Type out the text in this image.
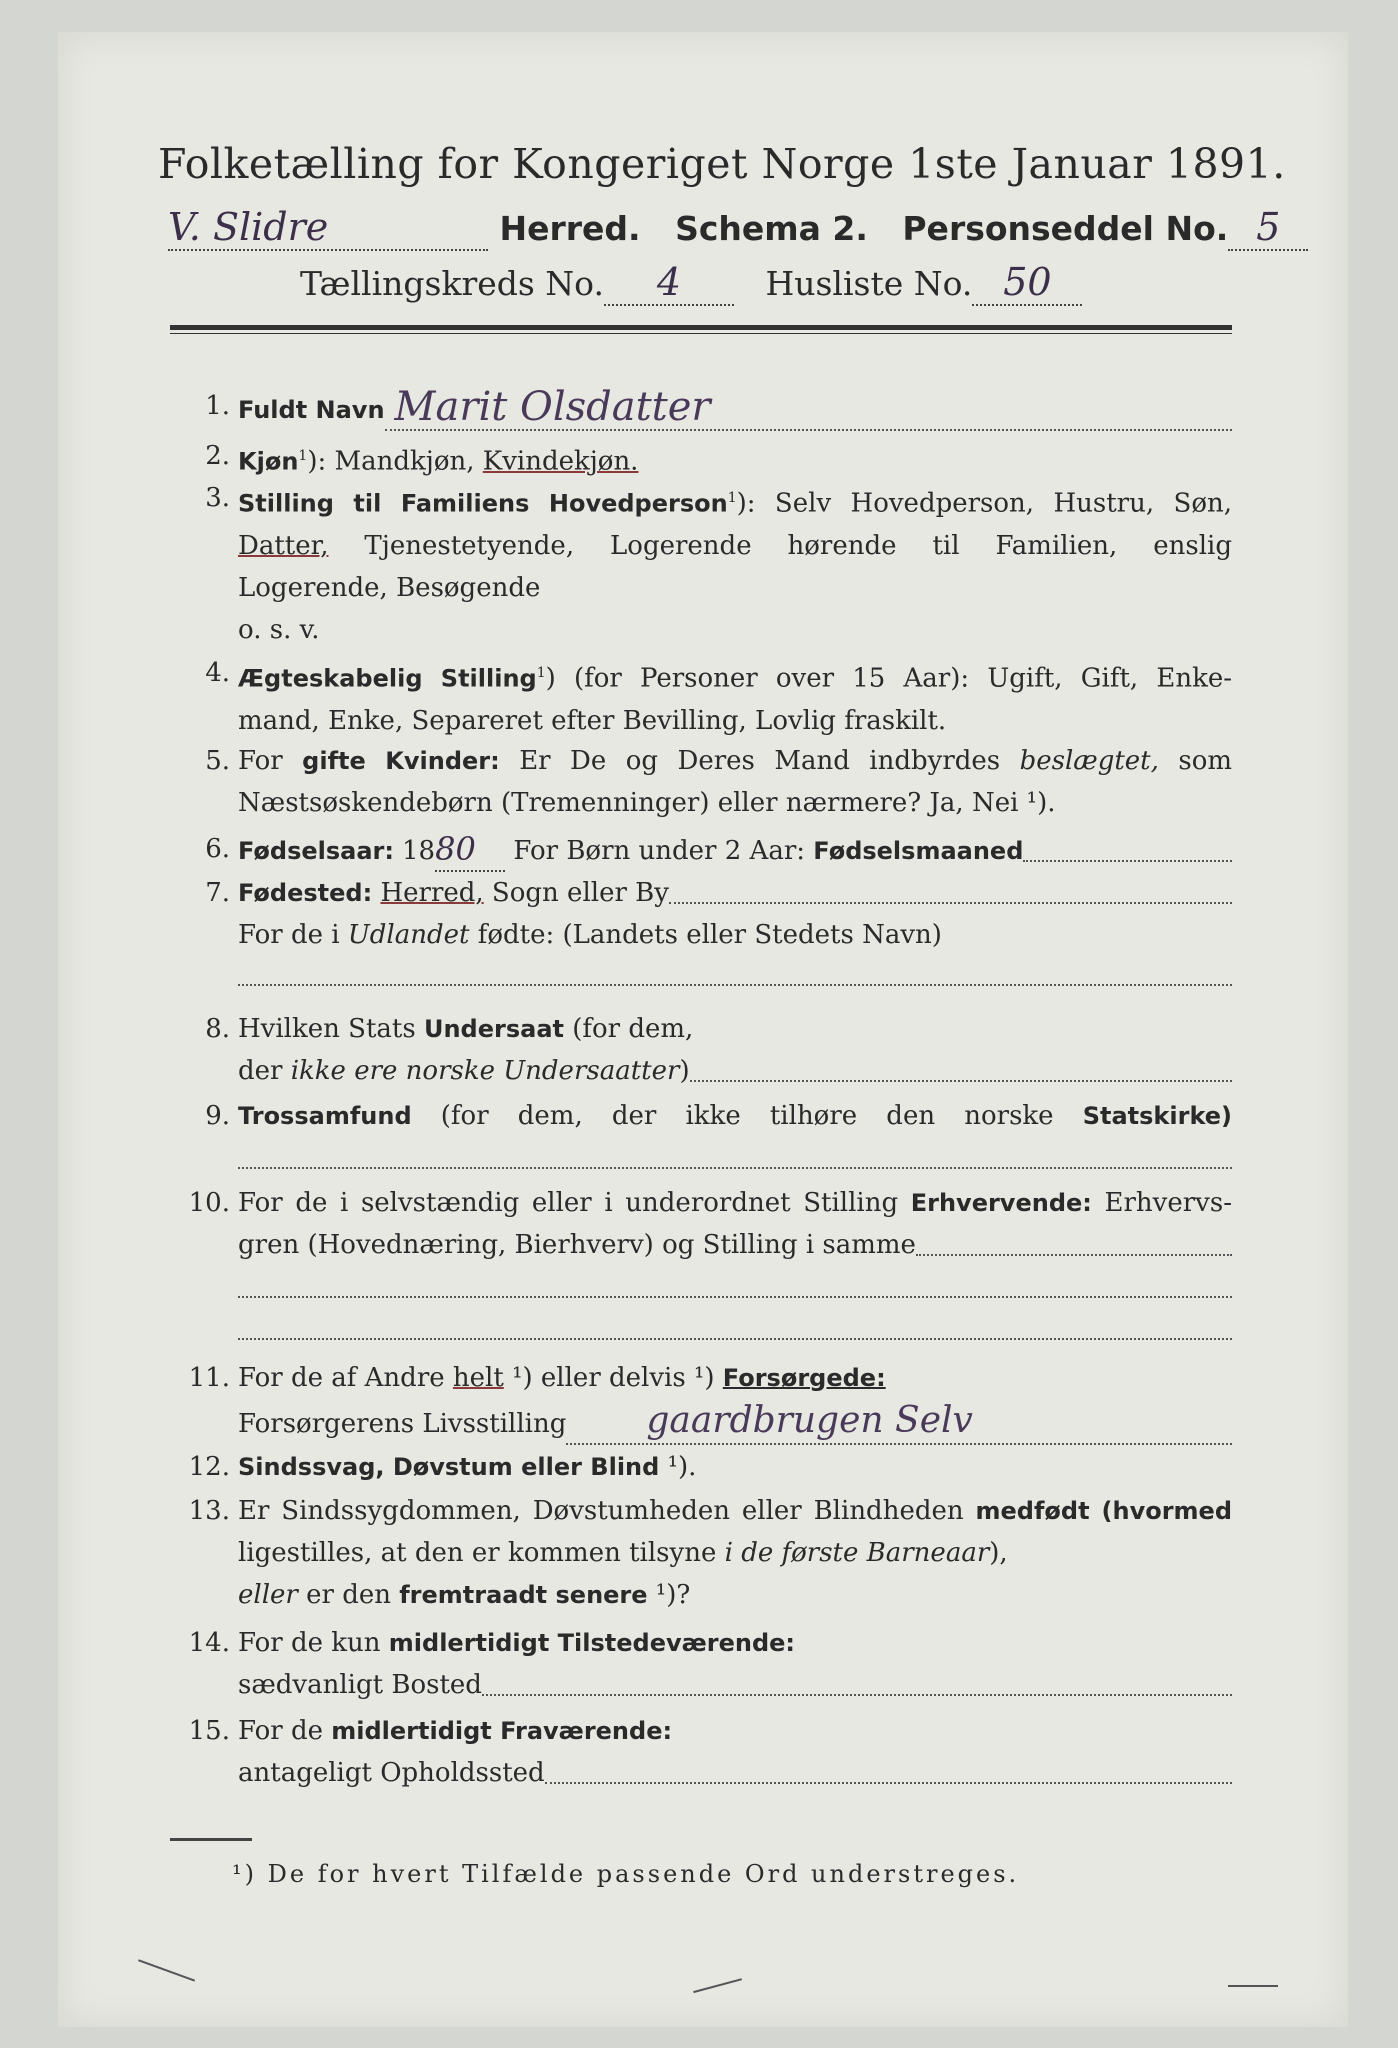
Folketælling for Kongeriget Norge 1ste Januar 1891.
V. Slidre	Herred. Schema 2. Personseddel No. 5
Tællingskreds No. 4	Husliste No. 50
1. Fuldt Navn Marit Olsdatter
2. Kjøn$^1$): Mandkjøn, Kvindekjøn.
3. Stilling til Familiens Hovedperson$^1$): Selv Hovedperson, Hustru, Søn,
Datter, Tjenestetyende, Logerende hørende til Familien, enslig
Logerende, Besøgende
o. s. v.
4. Ægteskabelig Stilling$^1$) (for Personer over 15 Aar): Ugift, Gift, Enke-
mand, Enke, Separeret efter Bevilling, Lovlig fraskilt.
5. For gifte Kvinder: Er De og Deres Mand indbyrdes beslægtet, som
Næstsøskendebørn (Tremenninger) eller nærmere? Ja, Nei ¹).
6. Fødselsaar: 18 80	For Børn under 2 Aar: Fødselsmaaned
7. Fødested:
Herred, Sogn eller By
For de i Udlandet fødte: (Landets eller Stedets Navn)
8. Hvilken Stats Undersaat (for dem,
der ikke ere norske Undersaatter )
9. Trossamfund (for dem, der ikke tilhøre den norske Statskirke)
10. For de i selvstændig eller i underordnet Stilling Erhvervende: Erhvervs-
gren (Hovednæring, Bierhverv) og Stilling i samme
11. For de af Andre helt ¹) eller delvis ¹) Forsørgede:
Forsørgerens Livsstilling	gaardbrugen Selv
12. Sindssvag, Døvstum eller Blind ¹).
13. Er Sindssygdommen, Døvstumheden eller Blindheden medfødt (hvormed
ligestilles, at den er kommen tilsyne i de første Barneaar),
eller er den fremtraadt senere ¹)?
14. For de kun midlertidigt Tilstedeværende:
sædvanligt Bosted
15. For de midlertidigt Fraværende:
antageligt Opholdssted
¹) De for hvert Tilfælde passende Ord understreges.
